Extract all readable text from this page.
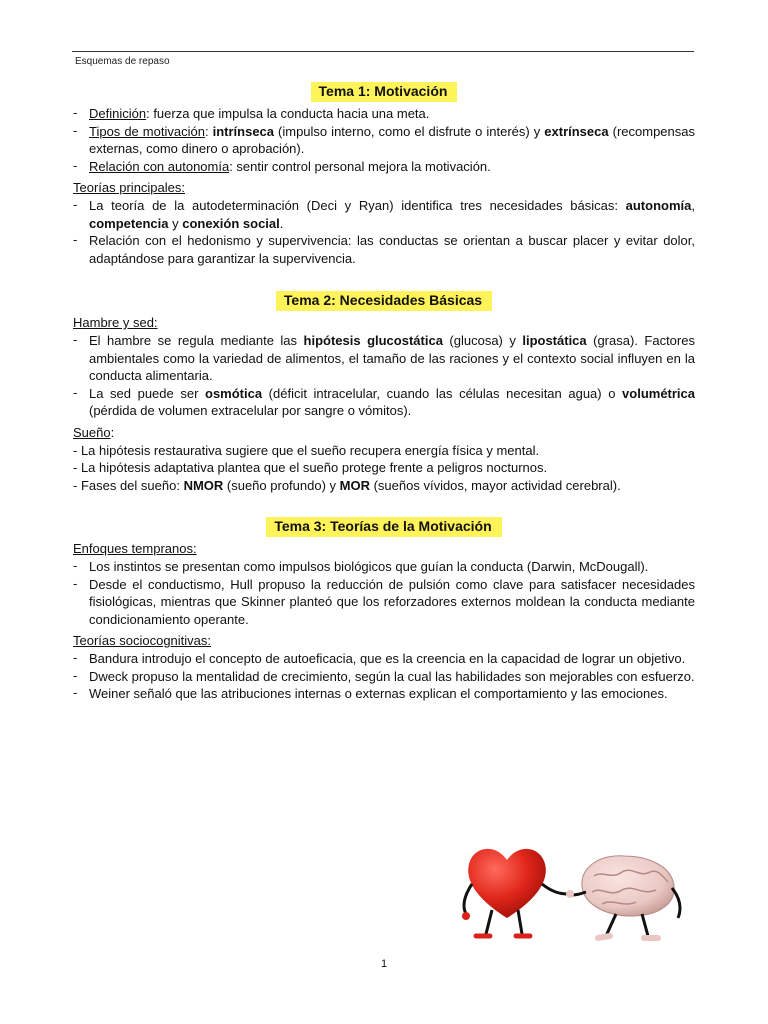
Esquemas de repaso
Tema 1: Motivación
- Definición: fuerza que impulsa la conducta hacia una meta.
- Tipos de motivación: intrínseca (impulso interno, como el disfrute o interés) y extrínseca (recompensas externas, como dinero o aprobación).
- Relación con autonomía: sentir control personal mejora la motivación.
Teorías principales:
- La teoría de la autodeterminación (Deci y Ryan) identifica tres necesidades básicas: autonomía, competencia y conexión social.
- Relación con el hedonismo y supervivencia: las conductas se orientan a buscar placer y evitar dolor, adaptándose para garantizar la supervivencia.
Tema 2: Necesidades Básicas
Hambre y sed:
- El hambre se regula mediante las hipótesis glucostática (glucosa) y lipostática (grasa). Factores ambientales como la variedad de alimentos, el tamaño de las raciones y el contexto social influyen en la conducta alimentaria.
- La sed puede ser osmótica (déficit intracelular, cuando las células necesitan agua) o volumétrica (pérdida de volumen extracelular por sangre o vómitos).
Sueño:
- La hipótesis restaurativa sugiere que el sueño recupera energía física y mental.
- La hipótesis adaptativa plantea que el sueño protege frente a peligros nocturnos.
- Fases del sueño: NMOR (sueño profundo) y MOR (sueños vívidos, mayor actividad cerebral).
Tema 3: Teorías de la Motivación
Enfoques tempranos:
- Los instintos se presentan como impulsos biológicos que guían la conducta (Darwin, McDougall).
- Desde el conductismo, Hull propuso la reducción de pulsión como clave para satisfacer necesidades fisiológicas, mientras que Skinner planteó que los reforzadores externos moldean la conducta mediante condicionamiento operante.
Teorías sociocognitivas:
- Bandura introdujo el concepto de autoeficacia, que es la creencia en la capacidad de lograr un objetivo.
- Dweck propuso la mentalidad de crecimiento, según la cual las habilidades son mejorables con esfuerzo.
- Weiner señaló que las atribuciones internas o externas explican el comportamiento y las emociones.
1
